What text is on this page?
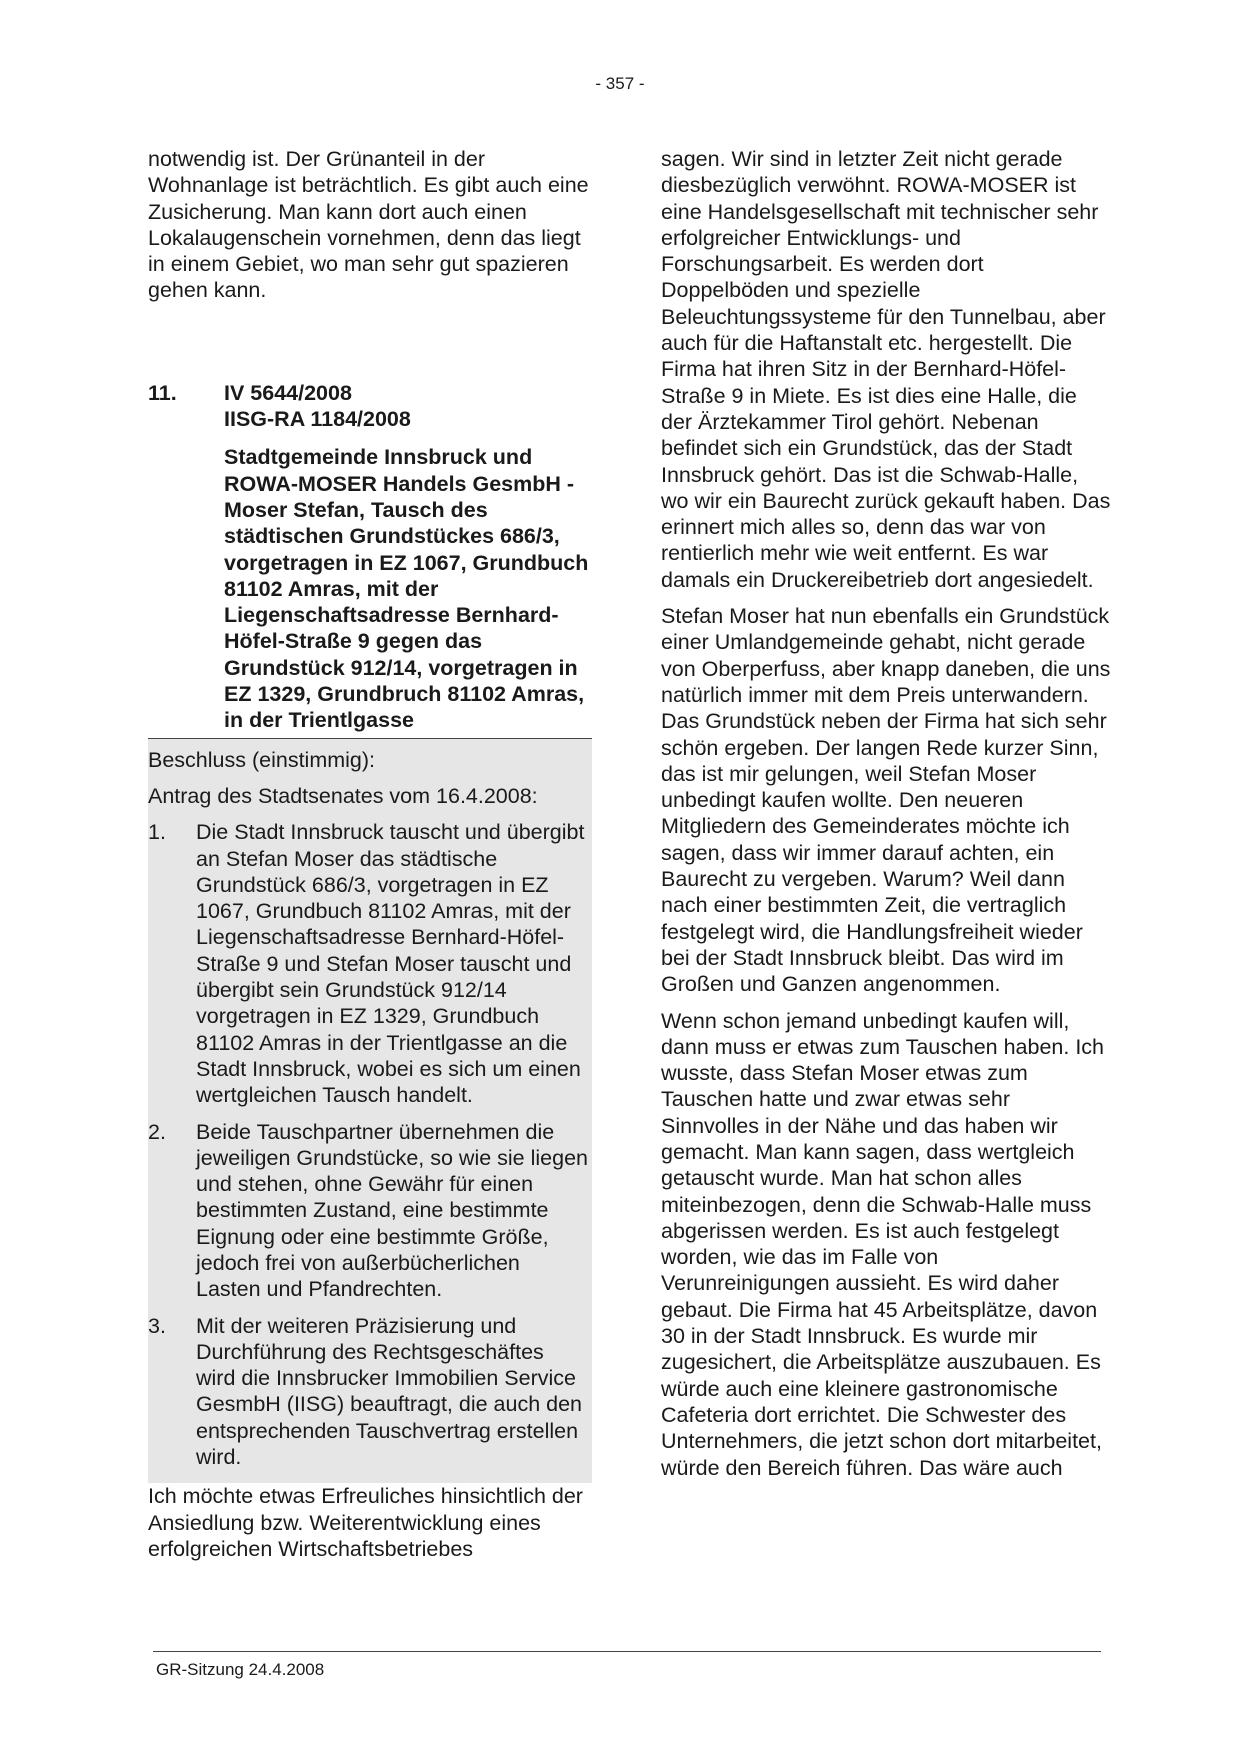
- 357 -

notwendig ist. Der Grünanteil in der Wohnanlage ist beträchtlich. Es gibt auch eine Zusicherung. Man kann dort auch einen Lokalaugenschein vornehmen, denn das liegt in einem Gebiet, wo man sehr gut spazieren gehen kann.

11.	IV 5644/2008
IISG-RA 1184/2008
Stadtgemeinde Innsbruck und ROWA-MOSER Handels GesmbH - Moser Stefan, Tausch des städtischen Grundstückes 686/3, vorgetragen in EZ 1067, Grundbuch 81102 Amras, mit der Liegenschaftsadresse Bernhard-Höfel-Straße 9 gegen das Grundstück 912/14, vorgetragen in EZ 1329, Grundbruch 81102 Amras, in der Trientlgasse

Beschluss (einstimmig):

Antrag des Stadtsenates vom 16.4.2008:

1.	Die Stadt Innsbruck tauscht und übergibt an Stefan Moser das städtische Grundstück 686/3, vorgetragen in EZ 1067, Grundbuch 81102 Amras, mit der Liegenschaftsadresse Bernhard-Höfel-Straße 9 und Stefan Moser tauscht und übergibt sein Grundstück 912/14 vorgetragen in EZ 1329, Grundbuch 81102 Amras in der Trientlgasse an die Stadt Innsbruck, wobei es sich um einen wertgleichen Tausch handelt.
2.	Beide Tauschpartner übernehmen die jeweiligen Grundstücke, so wie sie liegen und stehen, ohne Gewähr für einen bestimmten Zustand, eine bestimmte Eignung oder eine bestimmte Größe, jedoch frei von außerbücherlichen Lasten und Pfandrechten.
3.	Mit der weiteren Präzisierung und Durchführung des Rechtsgeschäftes wird die Innsbrucker Immobilien Service GesmbH (IISG) beauftragt, die auch den entsprechenden Tauschvertrag erstellen wird.

Ich möchte etwas Erfreuliches hinsichtlich der Ansiedlung bzw. Weiterentwicklung eines erfolgreichen Wirtschaftsbetriebes

sagen. Wir sind in letzter Zeit nicht gerade diesbezüglich verwöhnt. ROWA-MOSER ist eine Handelsgesellschaft mit technischer sehr erfolgreicher Entwicklungs- und Forschungsarbeit. Es werden dort Doppelböden und spezielle Beleuchtungssysteme für den Tunnelbau, aber auch für die Haftanstalt etc. hergestellt. Die Firma hat ihren Sitz in der Bernhard-Höfel-Straße 9 in Miete. Es ist dies eine Halle, die der Ärztekammer Tirol gehört. Nebenan befindet sich ein Grundstück, das der Stadt Innsbruck gehört. Das ist die Schwab-Halle, wo wir ein Baurecht zurück gekauft haben. Das erinnert mich alles so, denn das war von rentierlich mehr wie weit entfernt. Es war damals ein Druckereibetrieb dort angesiedelt.

Stefan Moser hat nun ebenfalls ein Grundstück einer Umlandgemeinde gehabt, nicht gerade von Oberperfuss, aber knapp daneben, die uns natürlich immer mit dem Preis unterwandern. Das Grundstück neben der Firma hat sich sehr schön ergeben. Der langen Rede kurzer Sinn, das ist mir gelungen, weil Stefan Moser unbedingt kaufen wollte. Den neueren Mitgliedern des Gemeinderates möchte ich sagen, dass wir immer darauf achten, ein Baurecht zu vergeben. Warum? Weil dann nach einer bestimmten Zeit, die vertraglich festgelegt wird, die Handlungsfreiheit wieder bei der Stadt Innsbruck bleibt. Das wird im Großen und Ganzen angenommen.

Wenn schon jemand unbedingt kaufen will, dann muss er etwas zum Tauschen haben. Ich wusste, dass Stefan Moser etwas zum Tauschen hatte und zwar etwas sehr Sinnvolles in der Nähe und das haben wir gemacht. Man kann sagen, dass wertgleich getauscht wurde. Man hat schon alles miteinbezogen, denn die Schwab-Halle muss abgerissen werden. Es ist auch festgelegt worden, wie das im Falle von Verunreinigungen aussieht. Es wird daher gebaut. Die Firma hat 45 Arbeitsplätze, davon 30 in der Stadt Innsbruck. Es wurde mir zugesichert, die Arbeitsplätze auszubauen. Es würde auch eine kleinere gastronomische Cafeteria dort errichtet. Die Schwester des Unternehmers, die jetzt schon dort mitarbeitet, würde den Bereich führen. Das wäre auch

GR-Sitzung 24.4.2008
